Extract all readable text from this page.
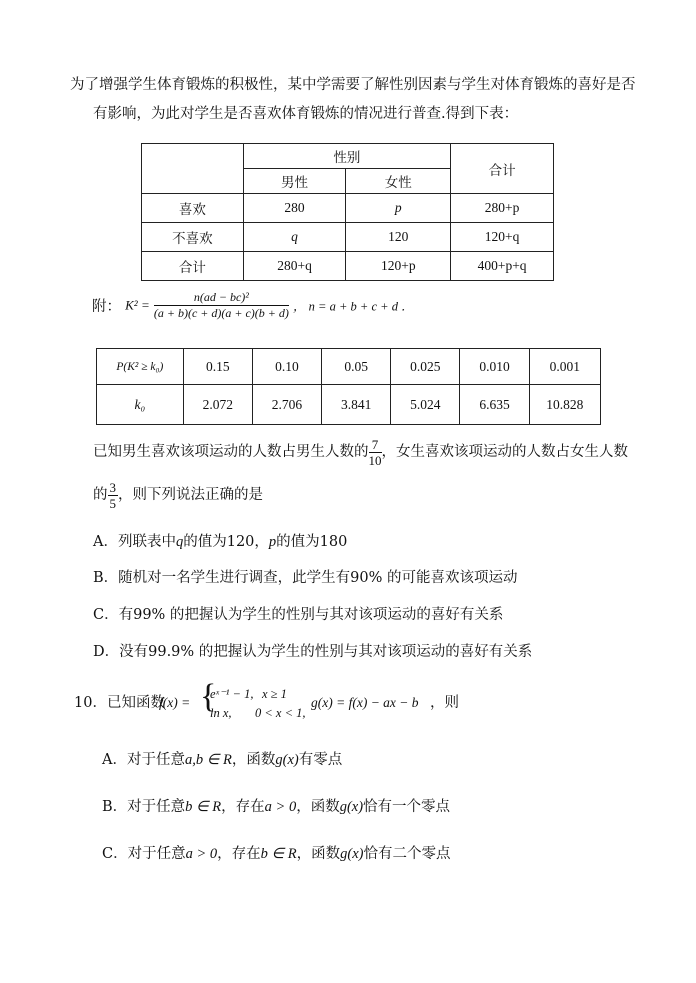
为了增强学生体育锻炼的积极性，某中学需要了解性别因素与学生对体育锻炼的喜好是否
有影响，为此对学生是否喜欢体育锻炼的情况进行普查.得到下表：
	性别		合计
	男性	女性	
喜欢	280	p	280+p
不喜欢	q	120	120+q
合计	280+q	120+p	400+p+q
附： $K^2 = \frac{\text{n(ad − bc)²}}{(a + b)(c + d)(a + c)(b + d)}$ ， n = a + b + c + d ．
P(K² ≥ k₀)	0.15	0.10	0.05	0.025	0.010	0.001
k₀	2.072	2.706	3.841	5.024	6.635	10.828
已知男生喜欢该项运动的人数占男生人数的 $\frac{7}{10}$ ，女生喜欢该项运动的人数占女生人数
的 $\frac{3}{5}$ ，则下列说法正确的是
A．列联表中q的值为120，p的值为180
B．随机对一名学生进行调查，此学生有90% 的可能喜欢该项运动
C．有99% 的把握认为学生的性别与其对该项运动的喜好有关系
D．没有99.9% 的把握认为学生的性别与其对该项运动的喜好有关系
10．已知函数
f(x) = {
eˣ⁻¹ − 1, x ≥ 1
ln x, 0 < x < 1,
g(x) = f(x) − ax − b ，则
A．对于任意a,b ∈ R，函数g(x)有零点
B．对于任意b ∈ R，存在a > 0，函数g(x)恰有一个零点
C．对于任意a > 0，存在b ∈ R，函数g(x)恰有二个零点
